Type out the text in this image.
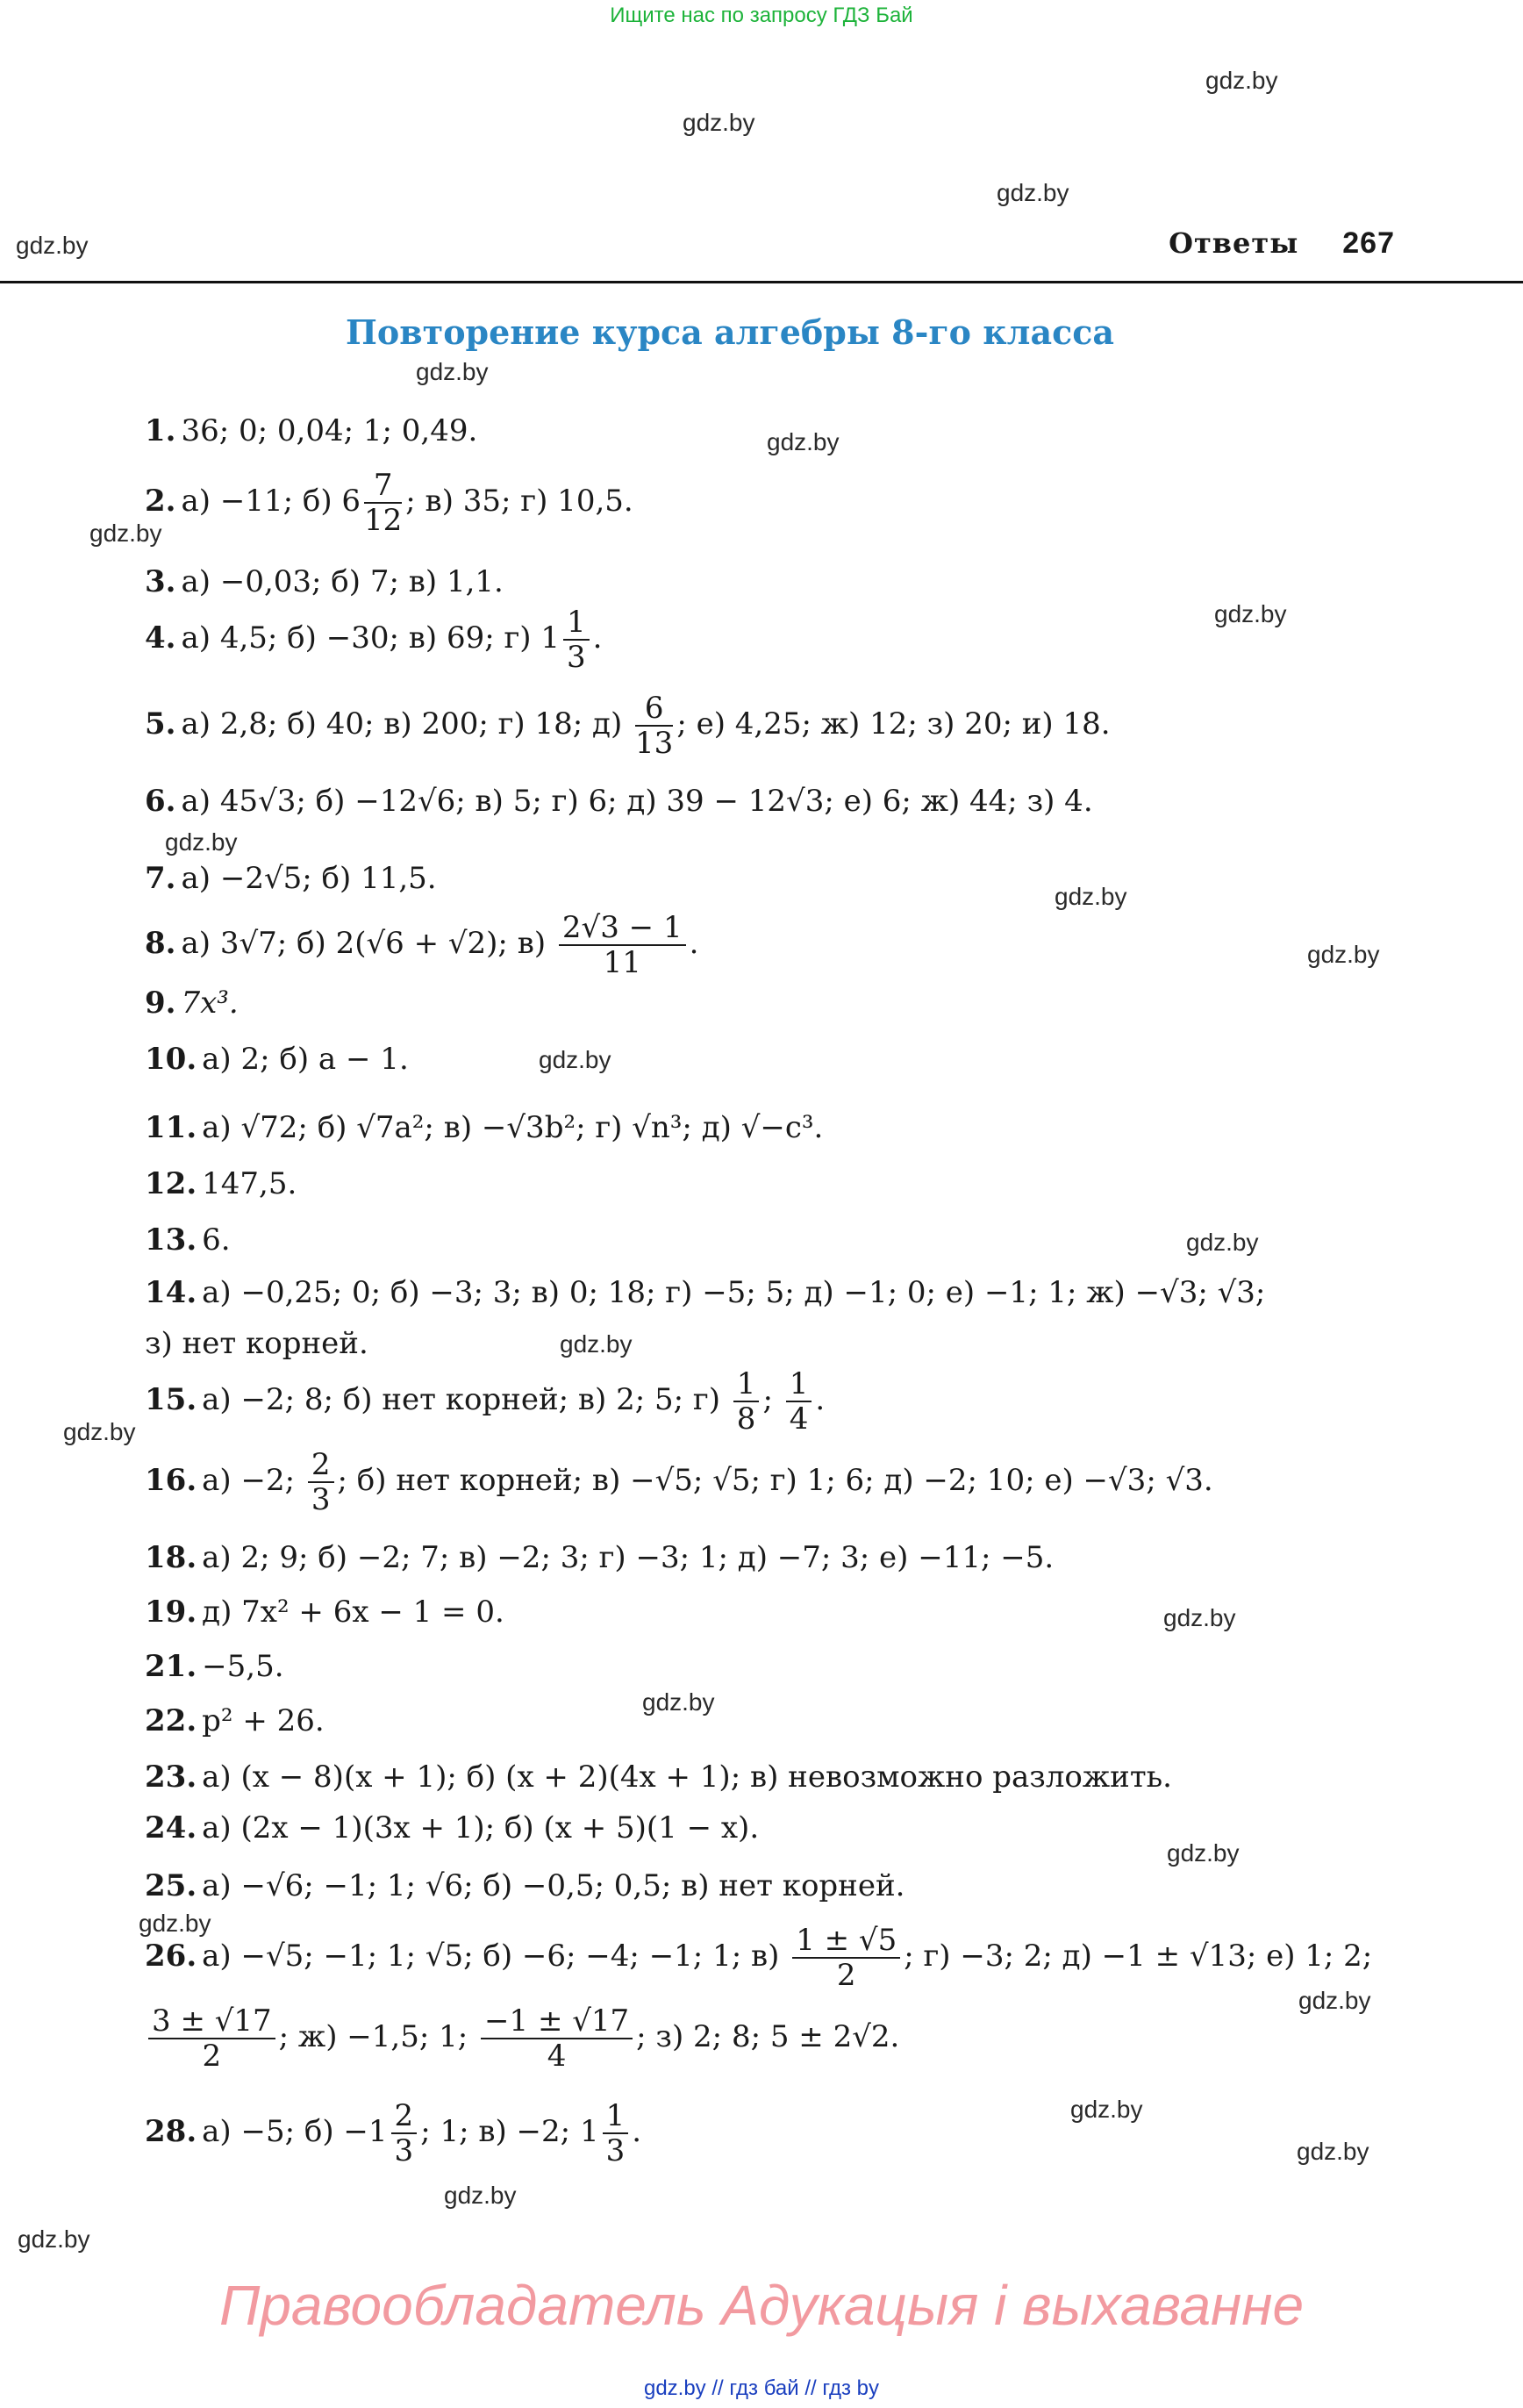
Ищите нас по запросу ГДЗ Бай
gdz.by
gdz.by
gdz.by
gdz.by
gdz.by
gdz.by
gdz.by
gdz.by
gdz.by
gdz.by
gdz.by
gdz.by
gdz.by
gdz.by
gdz.by
gdz.by
gdz.by
gdz.by
gdz.by
gdz.by
gdz.by
gdz.by
gdz.by
gdz.by
Ответы 267
Повторение курса алгебры 8-го класса
1. 36; 0; 0,04; 1; 0,49.
2. а) −11; б) $6 \frac{7}{12}$ ; в) 35; г) 10,5.
3. а) −0,03; б) 7; в) 1,1.
4. а) 4,5; б) −30; в) 69; г) $1 \frac{1}{3}$ .
5. а) 2,8; б) 40; в) 200; г) 18; $д) \frac{6}{13}$ ; е) 4,25; ж) 12; з) 20; и) 18.
6. а) 45√3; б) −12√6; в) 5; г) 6; д) 39 − 12√3; е) 6; ж) 44; з) 4.
7. а) −2√5; б) 11,5.
8. а) 3√7; б) 2(√6 + √2); $в) \frac{2√3 - 1}{11}$ .
9. 7x³.
10. а) 2; б) a − 1.
11. а) √72; б) √7a²; в) −√3b²; г) √n³; д) √−c³.
12. 147,5.
13. 6.
14. а) −0,25; 0; б) −3; 3; в) 0; 18; г) −5; 5; д) −1; 0; е) −1; 1; ж) −√3; √3;
з) нет корней.
15. а) −2; 8; б) нет корней; в) 2; 5; $г) \frac{1}{8}$ ; $\frac{1}{4}$ .
16. а) −2; $\frac{2}{3}$ ; б) нет корней; в) −√5; √5; г) 1; 6; д) −2; 10; е) −√3; √3.
18. а) 2; 9; б) −2; 7; в) −2; 3; г) −3; 1; д) −7; 3; е) −11; −5.
19. д) 7x² + 6x − 1 = 0.
21. −5,5.
22. p² + 26.
23. а) (x − 8)(x + 1); б) (x + 2)(4x + 1); в) невозможно разложить.
24. а) (2x − 1)(3x + 1); б) (x + 5)(1 − x).
25. а) −√6; −1; 1; √6; б) −0,5; 0,5; в) нет корней.
26. а) −√5; −1; 1; √5; б) −6; −4; −1; 1; $в) \frac{1 \pm √5}{2}$ ; г) −3; 2; д) −1 ± √13; е) 1; 2;
$\frac{3 \pm √17}{2}$ ; ж) −1,5; 1; $\frac{-1 \pm √17}{4}$ ; з) 2; 8; 5 ± 2√2.
28. а) −5; $б) -1 \frac{2}{3}$ ; 1; в) −2; $1 \frac{1}{3}$ .
Правообладатель Адукацыя і выхаванне
gdz.by // гдз бай // гдз by
